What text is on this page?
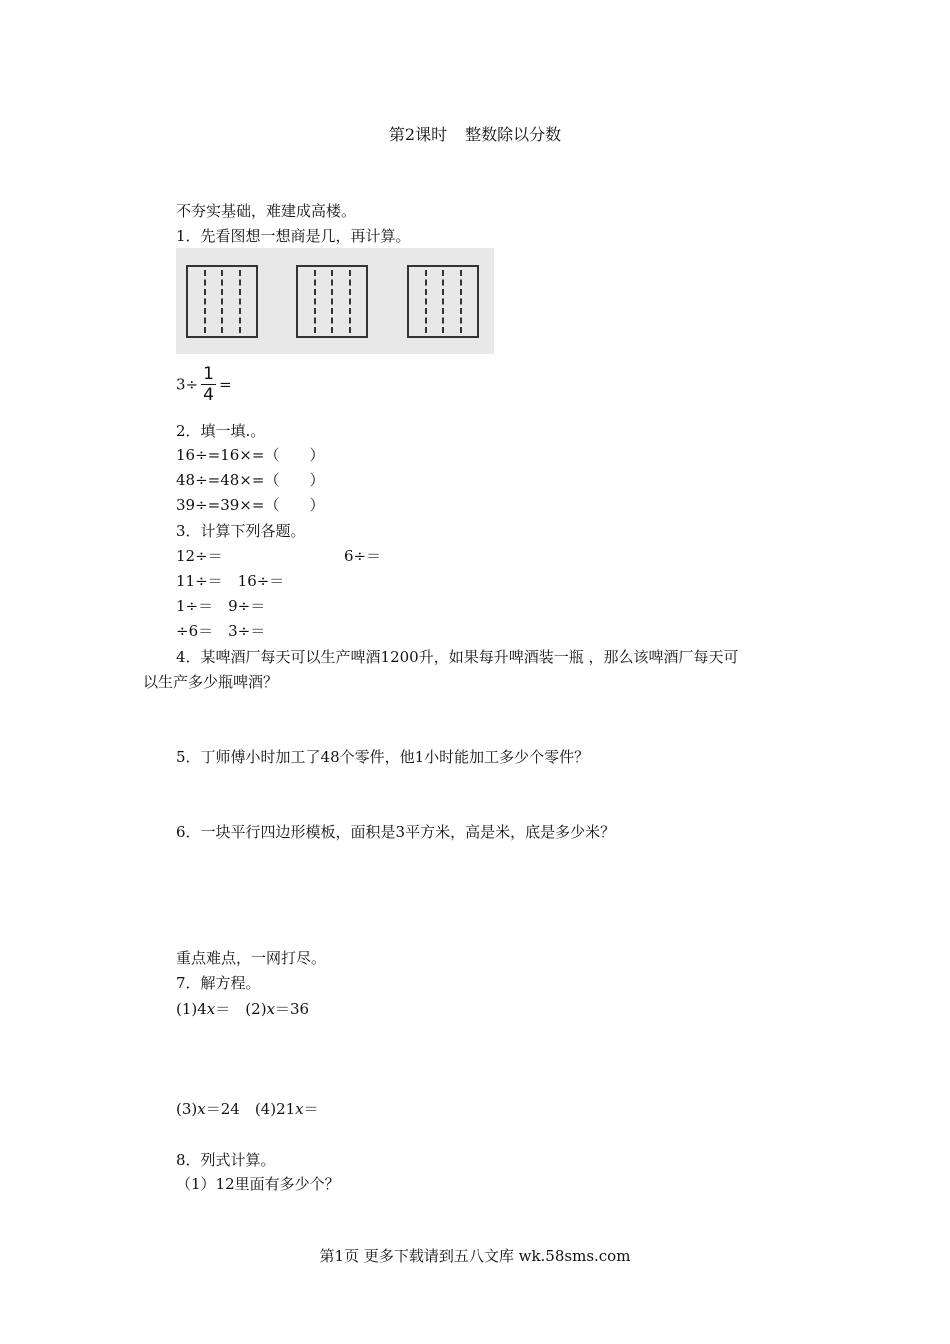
第2课时 整数除以分数
不夯实基础，难建成高楼。
1．先看图想一想商是几，再计算。
$3\div \frac{1}{4}$ =
2．填一填.。
16÷=16×=（　　）
48÷=48×=（　　）
39÷=39×=（　　）
3．计算下列各题。
12÷＝	6÷＝
11÷＝　16÷＝
1÷＝　9÷＝
÷6＝　3÷＝
4．某啤酒厂每天可以生产啤酒1200升，如果每升啤酒装一瓶 ，那么该啤酒厂每天可
以生产多少瓶啤酒？
5．丁师傅小时加工了48个零件，他1小时能加工多少个零件？
6．一块平行四边形模板，面积是3平方米，高是米，底是多少米？
重点难点，一网打尽。
7．解方程。
(1)4x＝　 (2)x＝36
(3)x＝24　 (4)21x＝
8．列式计算。
（1）12里面有多少个？
第1页 更多下载请到五八文库 wk.58sms.com
